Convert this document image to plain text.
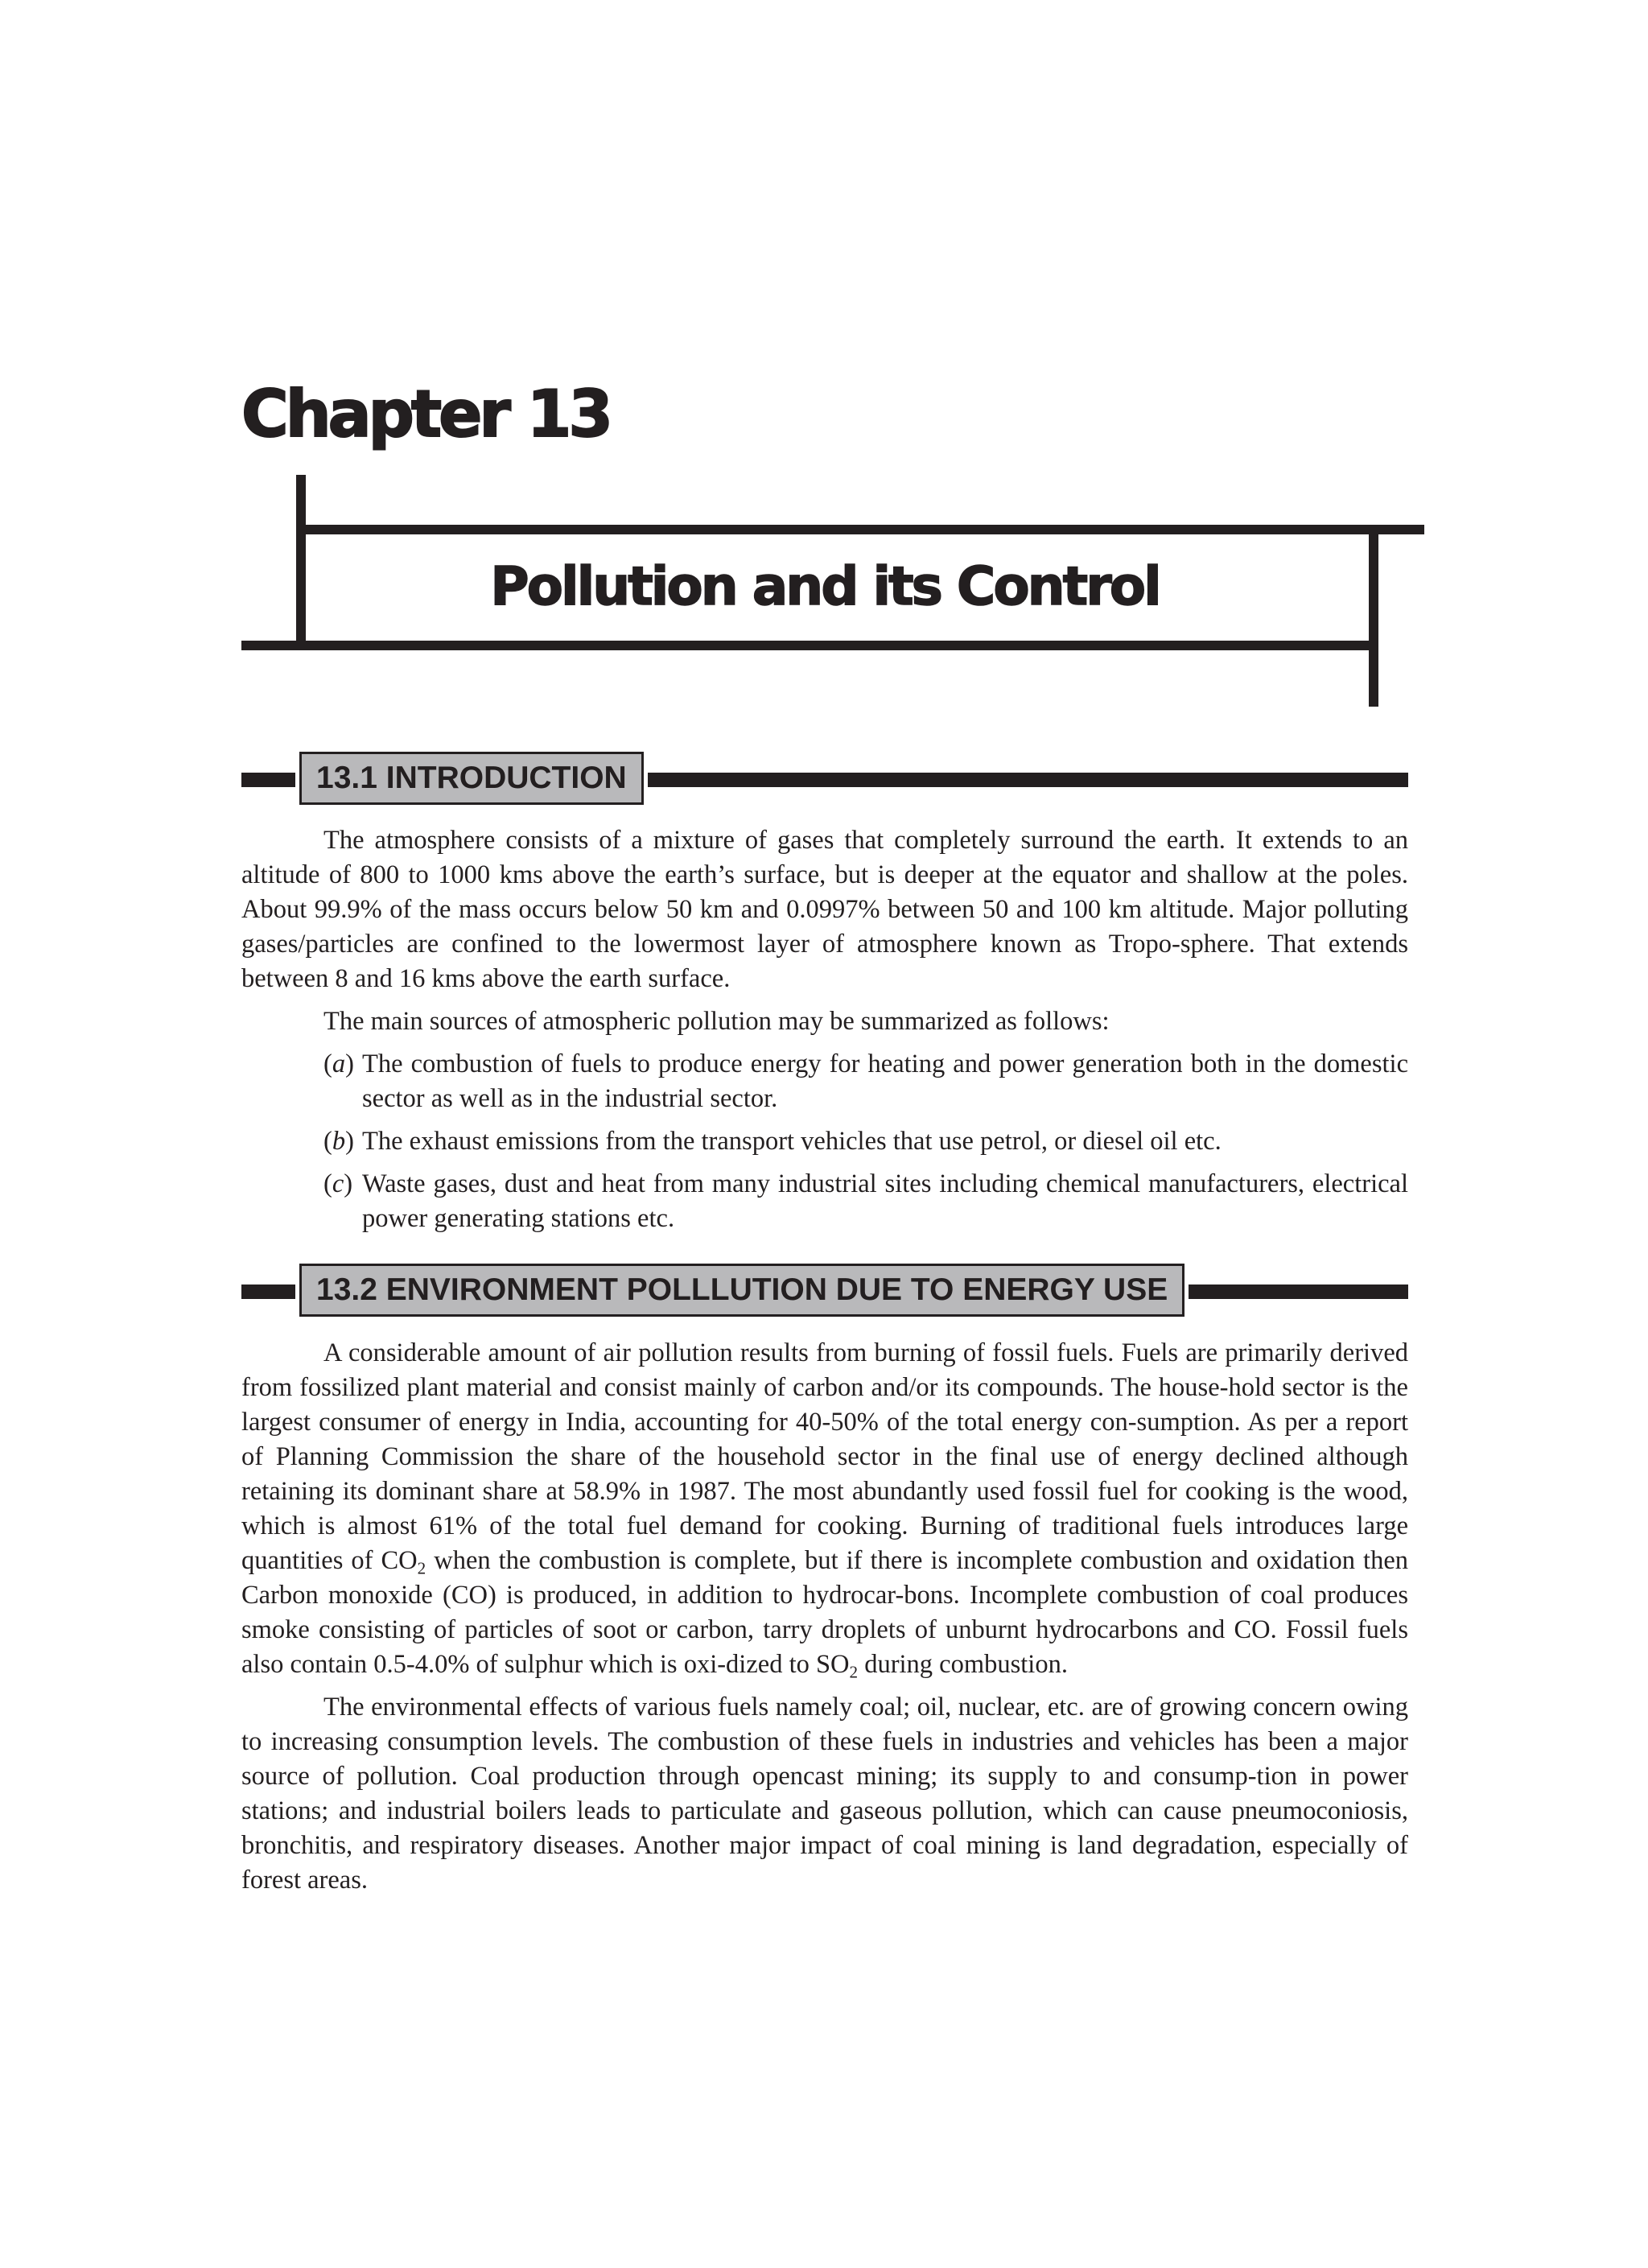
Chapter 13
Pollution and its Control
13.1 INTRODUCTION

The atmosphere consists of a mixture of gases that completely surround the earth. It extends to an altitude of 800 to 1000 kms above the earth’s surface, but is deeper at the equator and shallow at the poles. About 99.9% of the mass occurs below 50 km and 0.0997% between 50 and 100 km altitude. Major polluting gases/particles are confined to the lowermost layer of atmosphere known as Tropo-sphere. That extends between 8 and 16 kms above the earth surface.

The main sources of atmospheric pollution may be summarized as follows:

(a) The combustion of fuels to produce energy for heating and power generation both in the domestic sector as well as in the industrial sector.
(b) The exhaust emissions from the transport vehicles that use petrol, or diesel oil etc.
(c) Waste gases, dust and heat from many industrial sites including chemical manufacturers, electrical power generating stations etc.
13.2 ENVIRONMENT POLLLUTION DUE TO ENERGY USE

A considerable amount of air pollution results from burning of fossil fuels. Fuels are primarily derived from fossilized plant material and consist mainly of carbon and/or its compounds. The house-hold sector is the largest consumer of energy in India, accounting for 40-50% of the total energy con-sumption. As per a report of Planning Commission the share of the household sector in the final use of energy declined although retaining its dominant share at 58.9% in 1987. The most abundantly used fossil fuel for cooking is the wood, which is almost 61% of the total fuel demand for cooking. Burning of traditional fuels introduces large quantities of $CO_2$ when the combustion is complete, but if there is incomplete combustion and oxidation then Carbon monoxide (CO) is produced, in addition to hydrocar-bons. Incomplete combustion of coal produces smoke consisting of particles of soot or carbon, tarry droplets of unburnt hydrocarbons and CO. Fossil fuels also contain 0.5-4.0% of sulphur which is oxi-dized to $SO_2$ during combustion.

The environmental effects of various fuels namely coal; oil, nuclear, etc. are of growing concern owing to increasing consumption levels. The combustion of these fuels in industries and vehicles has been a major source of pollution. Coal production through opencast mining; its supply to and consump-tion in power stations; and industrial boilers leads to particulate and gaseous pollution, which can cause pneumoconiosis, bronchitis, and respiratory diseases. Another major impact of coal mining is land degradation, especially of forest areas.
